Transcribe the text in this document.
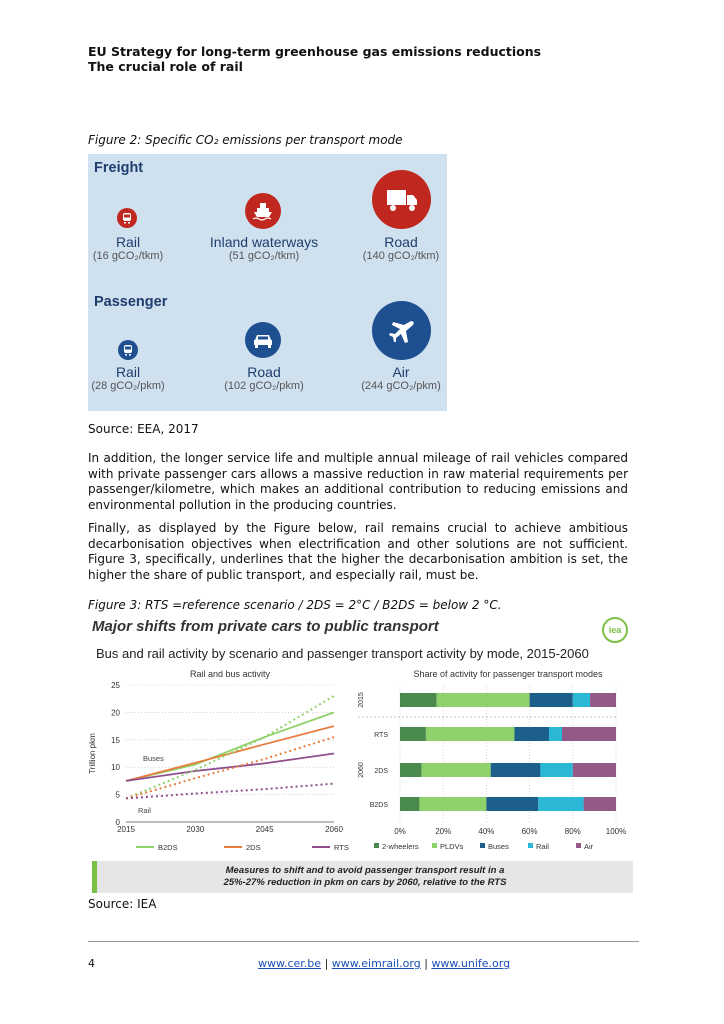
EU Strategy for long-term greenhouse gas emissions reductions
The crucial role of rail
Figure 2: Specific CO₂ emissions per transport mode
Freight
Passenger
Rail
(16 gCO₂/tkm)
Inland waterways
(51 gCO₂/tkm)
Road
(140 gCO₂/tkm)
Rail
(28 gCO₂/pkm)
Road
(102 gCO₂/pkm)
Air
(244 gCO₂/pkm)
Source: EEA, 2017
In addition, the longer service life and multiple annual mileage of rail vehicles compared with private passenger cars allows a massive reduction in raw material requirements per passenger/kilometre, which makes an additional contribution to reducing emissions and environmental pollution in the producing countries.
Finally, as displayed by the Figure below, rail remains crucial to achieve ambitious decarbonisation objectives when electrification and other solutions are not sufficient. Figure 3, specifically, underlines that the higher the decarbonisation ambition is set, the higher the share of public transport, and especially rail, must be.
Figure 3: RTS =reference scenario / 2DS = 2°C / B2DS = below 2 °C.
Major shifts from private cars to public transport	iea
Bus and rail activity by scenario and passenger transport activity by mode, 2015-2060
Rail and bus activity
0
5
10
15
20
25
2015	2030	2045	2060
Trillion pkm	Buses
Rail
B2DS	2DS	RTS
Share of activity for passenger transport modes
0%	20%	40%	60%	80%	100%
RTS
2DS
B2DS
2015
2060
2-wheelers	PLDVs	Buses	Rail	Air
Measures to shift and to avoid passenger transport result in a
25%-27% reduction in pkm on cars by 2060, relative to the RTS
Source: IEA
4	www.cer.be | www.eimrail.org | www.unife.org
